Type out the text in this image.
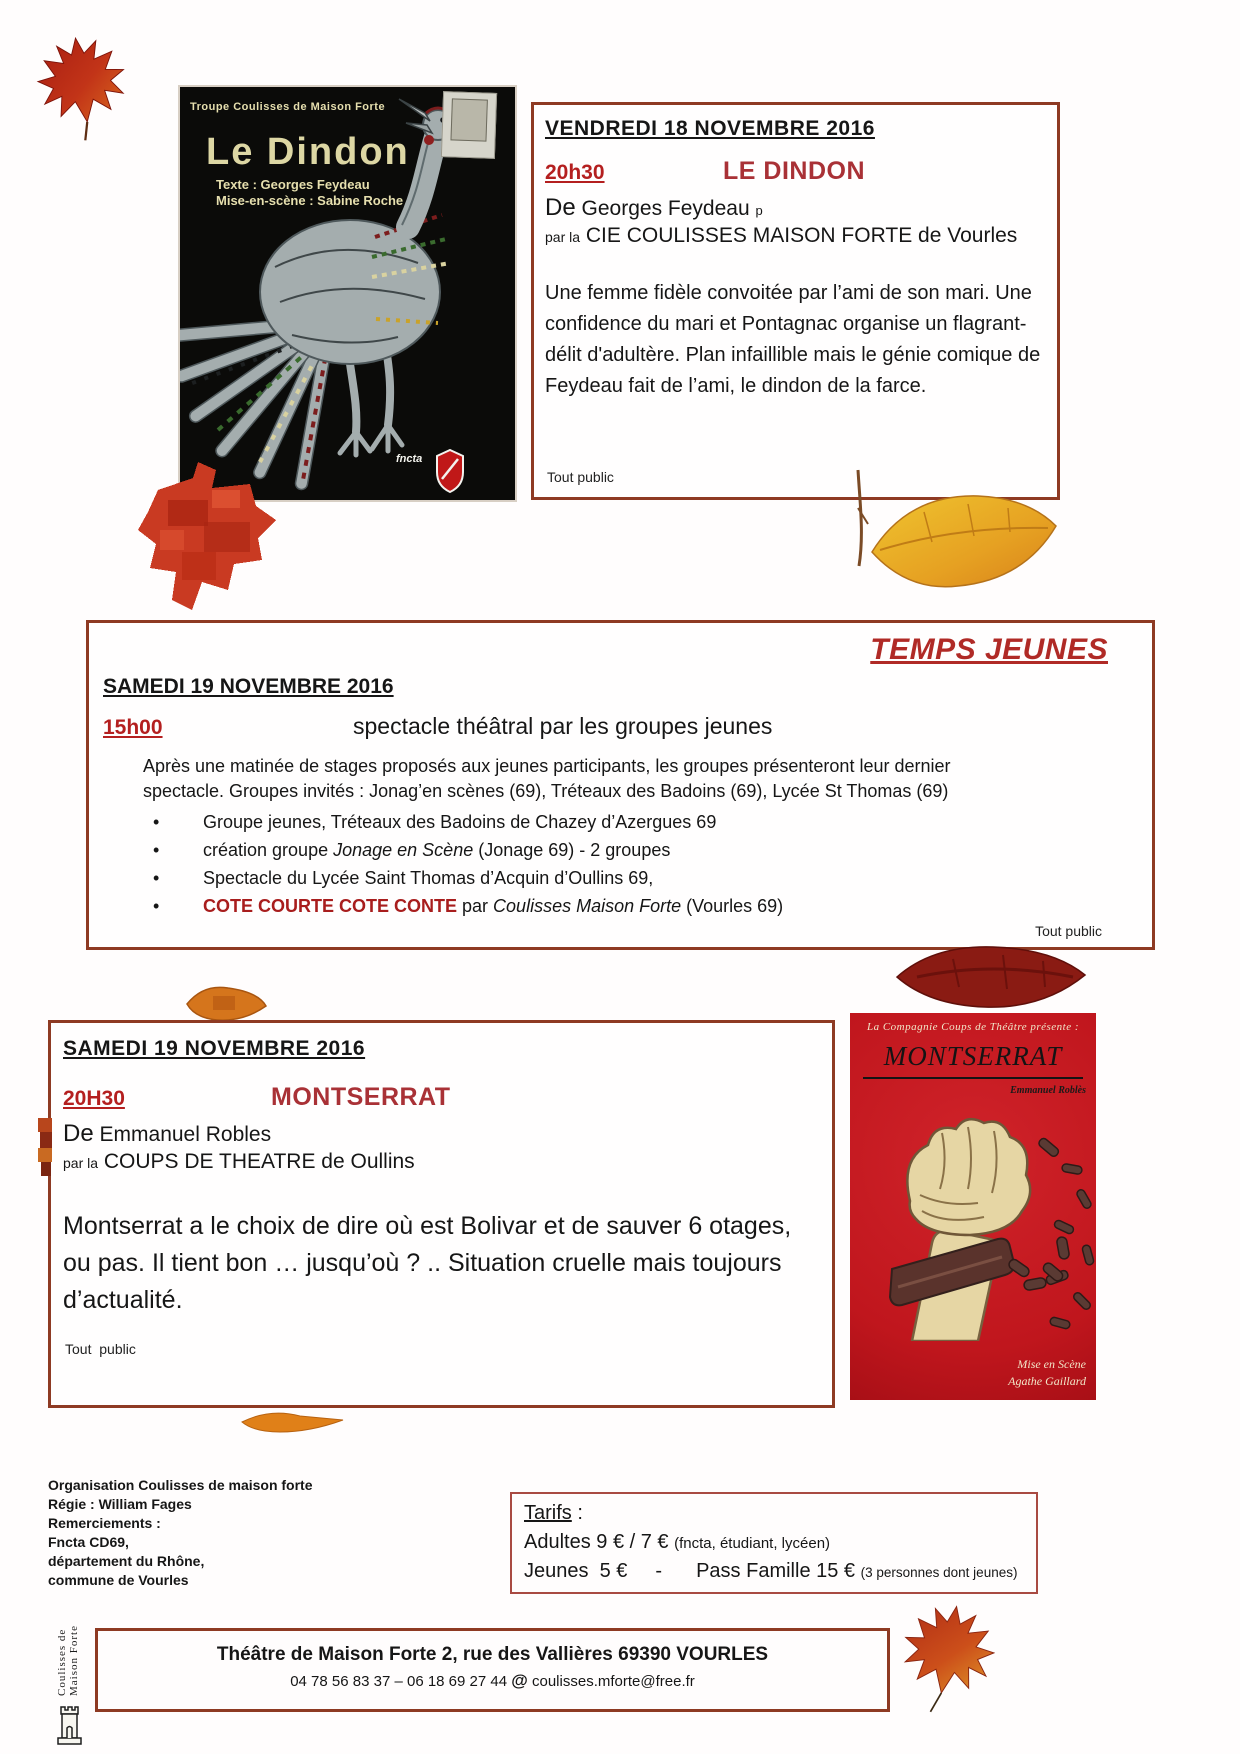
Troupe Coulisses de Maison Forte
Le Dindon
Texte : Georges Feydeau
Mise-en-scène : Sabine Roche
fncta
VENDREDI 18 NOVEMBRE 2016
20h30	LE DINDON
De Georges Feydeau p
par la CIE COULISSES MAISON FORTE de Vourles

Une femme fidèle convoitée par l’ami de son mari. Une confidence du mari et Pontagnac organise un flagrant-délit d'adultère. Plan infaillible mais le génie comique de Feydeau fait de l’ami, le dindon de la farce.

Tout public
TEMPS JEUNES
SAMEDI 19 NOVEMBRE 2016
15h00	spectacle théâtral par les groupes jeunes
Après une matinée de stages proposés aux jeunes participants, les groupes présenteront leur dernier spectacle. Groupes invités : Jonag’en scènes (69), Tréteaux des Badoins (69), Lycée St Thomas (69)
• Groupe jeunes, Tréteaux des Badoins de Chazey d’Azergues 69
• création groupe Jonage en Scène (Jonage 69) - 2 groupes
• Spectacle du Lycée Saint Thomas d’Acquin d’Oullins 69,
• COTE COURTE COTE CONTE par Coulisses Maison Forte (Vourles 69)
Tout public
SAMEDI 19 NOVEMBRE 2016
20H30	MONTSERRAT
De Emmanuel Robles
par la COUPS DE THEATRE de Oullins

Montserrat a le choix de dire où est Bolivar et de sauver 6 otages, ou pas. Il tient bon … jusqu’où ? .. Situation cruelle mais toujours d’actualité.

Tout  public
La Compagnie Coups de Théâtre présente :
MONTSERRAT
Emmanuel Roblès
Mise en Scène
Agathe Gaillard
Organisation Coulisses de maison forte
Régie : William Fages
Remerciements :
Fncta CD69,
département du Rhône,
commune de Vourles
Tarifs :
Adultes 9 € / 7 € (fncta, étudiant, lycéen)
Jeunes  5 € - Pass Famille 15 € (3 personnes dont jeunes)
Coulisses de Maison Forte	Théâtre de Maison Forte 2, rue des Vallières 69390 VOURLES
04 78 56 83 37 – 06 18 69 27 44 @ coulisses.mforte@free.fr
